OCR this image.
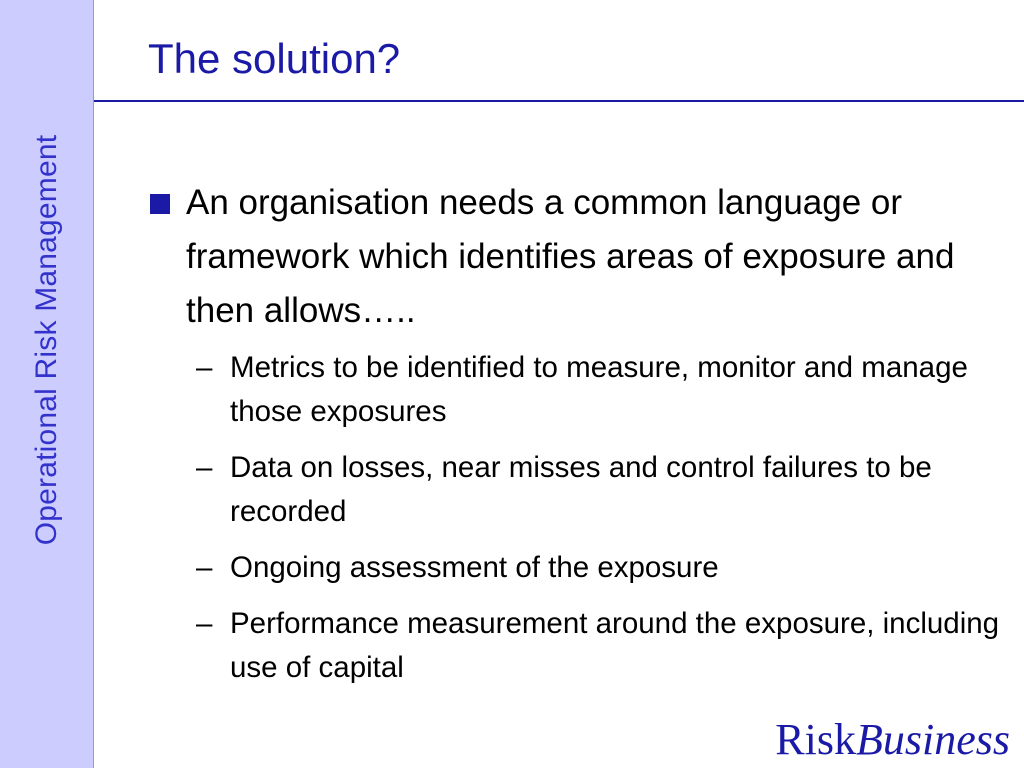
Operational Risk Management
The solution?
An organisation needs a common language or framework which identifies areas of exposure and then allows…..
– Metrics to be identified to measure, monitor and manage those exposures
– Data on losses, near misses and control failures to be recorded
– Ongoing assessment of the exposure
– Performance measurement around the exposure, including use of capital
RiskBusiness
